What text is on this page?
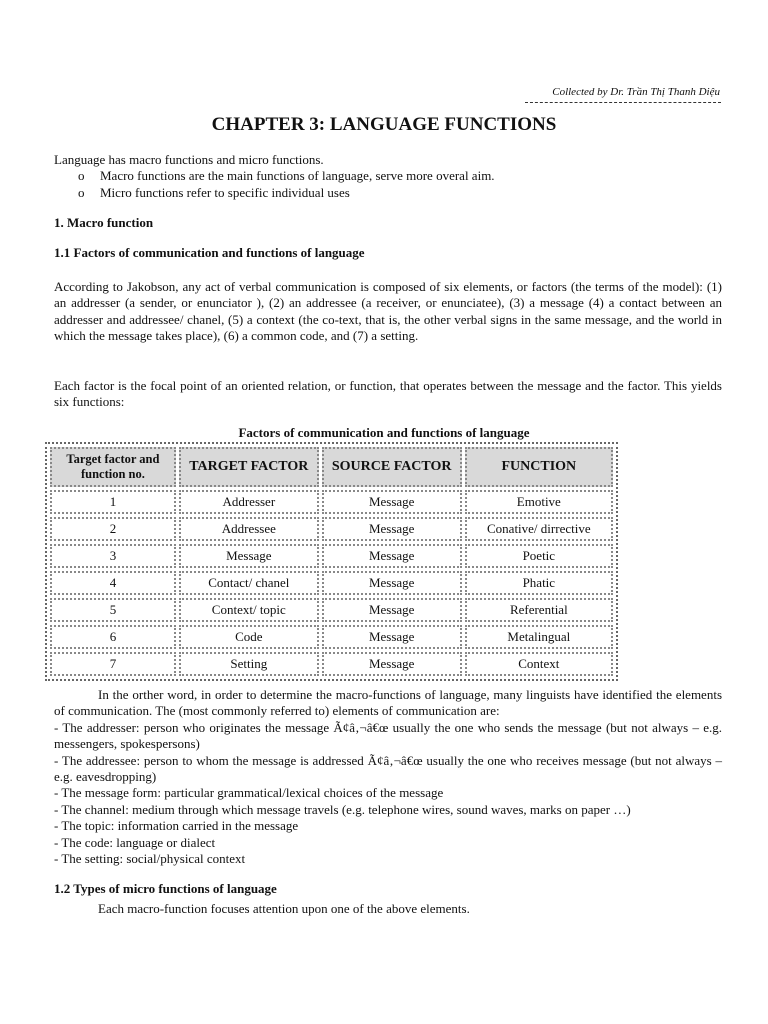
Collected by Dr. Trần Thị Thanh Diệu
CHAPTER 3: LANGUAGE FUNCTIONS
Language has macro functions and micro functions.
o Macro functions are the main functions of language, serve more overal aim.
o Micro functions refer to specific individual uses
1. Macro function
1.1 Factors of communication and functions of language
According to Jakobson, any act of verbal communication is composed of six elements, or factors (the terms of the model): (1) an addresser (a sender, or enunciator ), (2) an addressee (a receiver, or enunciatee), (3) a message (4) a contact between an addresser and addressee/ chanel, (5) a context (the co-text, that is, the other verbal signs in the same message, and the world in which the message takes place), (6) a common code, and (7) a setting.
Each factor is the focal point of an oriented relation, or function, that operates between the message and the factor. This yields six functions:
Factors of communication and functions of language
Target factor and function no.	TARGET FACTOR	SOURCE FACTOR	FUNCTION
1	Addresser	Message	Emotive
2	Addressee	Message	Conative/ dirrective
3	Message	Message	Poetic
4	Contact/ chanel	Message	Phatic
5	Context/ topic	Message	Referential
6	Code	Message	Metalingual
7	Setting	Message	Context
In the orther word, in order to determine the macro-functions of language, many linguists have identified the elements of communication. The (most commonly referred to) elements of communication are:
- The addresser: person who originates the message Ã¢â‚¬â€œ usually the one who sends the message (but not always – e.g. messengers, spokespersons)
- The addressee: person to whom the message is addressed Ã¢â‚¬â€œ usually the one who receives message (but not always – e.g. eavesdropping)
- The message form: particular grammatical/lexical choices of the message
- The channel: medium through which message travels (e.g. telephone wires, sound waves, marks on paper …)
- The topic: information carried in the message
- The code: language or dialect
- The setting: social/physical context
1.2 Types of micro functions of language
Each macro-function focuses attention upon one of the above elements.
